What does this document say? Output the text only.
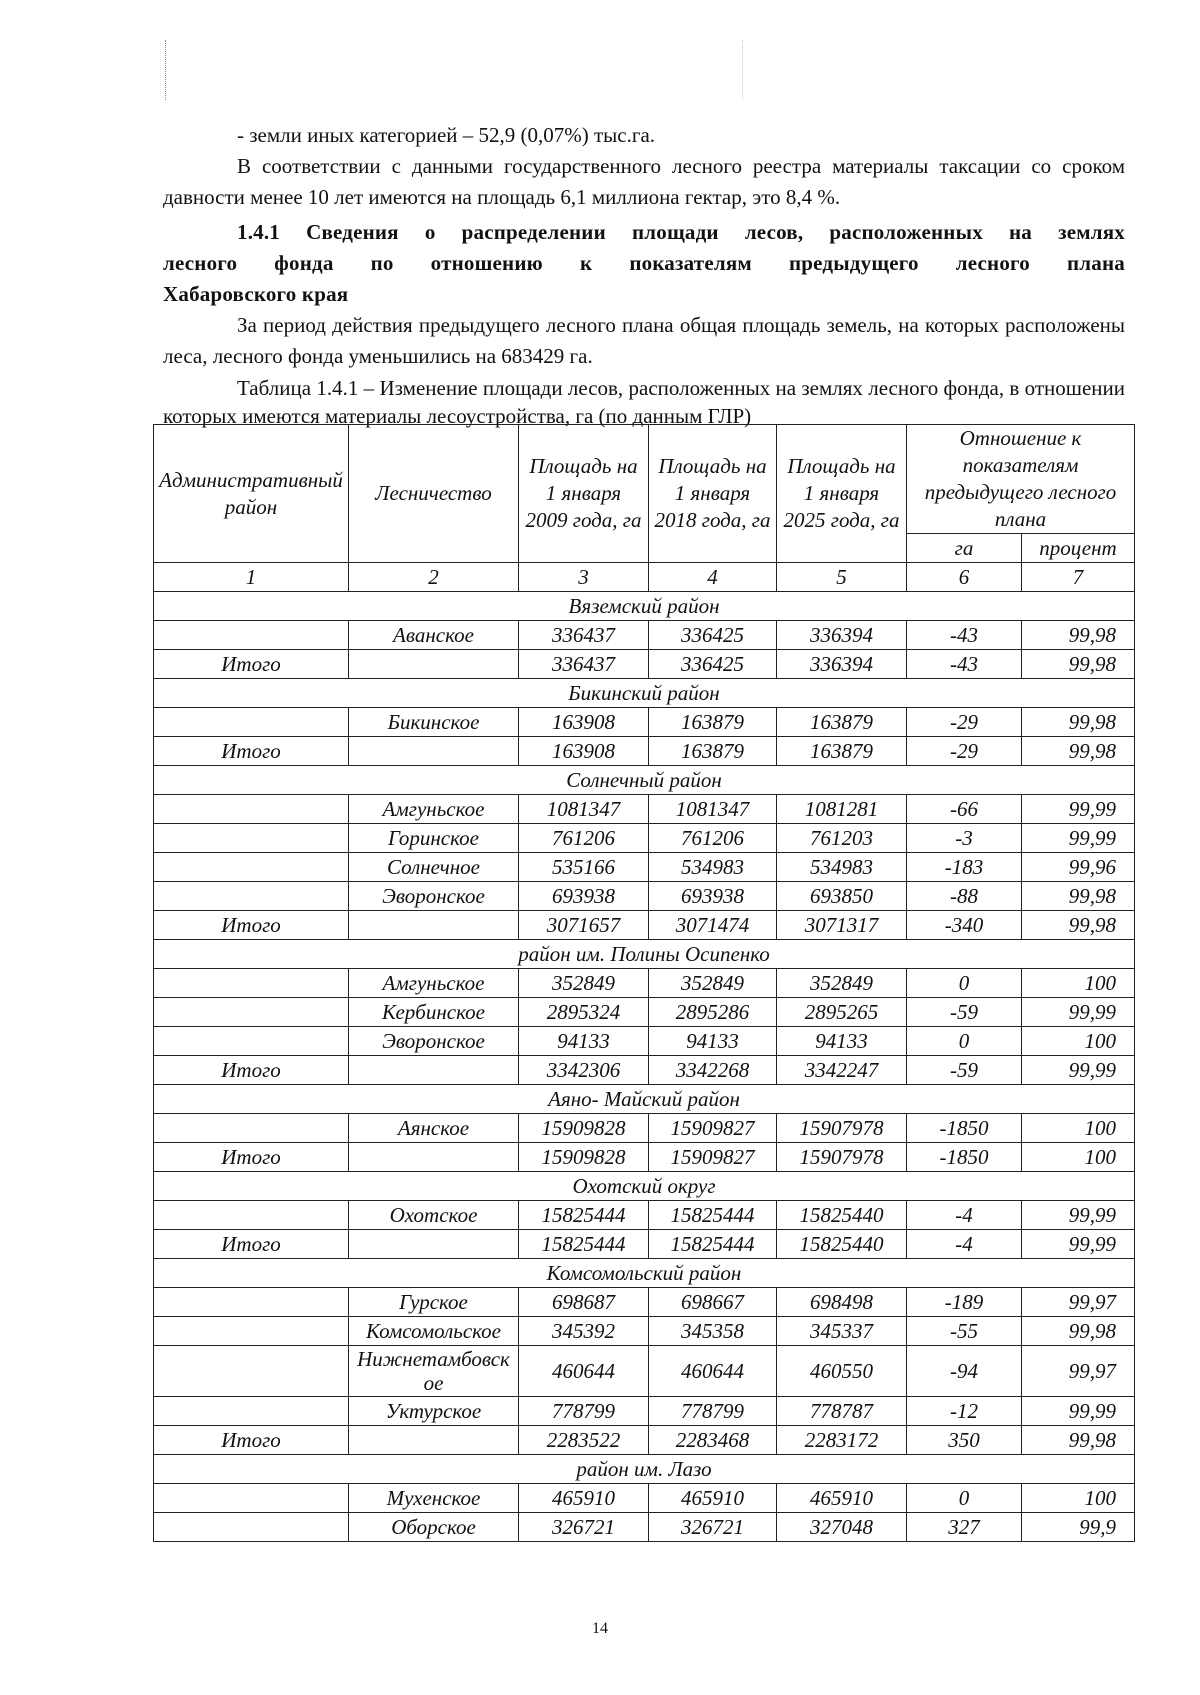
- земли иных категорией – 52,9 (0,07%) тыс.га.

В соответствии с данными государственного лесного реестра материалы таксации со сроком давности менее 10 лет имеются на площадь 6,1 миллиона гектар, это 8,4 %.

1.4.1 Сведения о распределении площади лесов, расположенных на землях

лесного фонда по отношению к показателям предыдущего лесного плана

Хабаровского края

За период действия предыдущего лесного плана общая площадь земель, на которых расположены леса, лесного фонда уменьшились на 683429 га.

Таблица 1.4.1 – Изменение площади лесов, расположенных на землях лесного фонда, в отношении которых имеются материалы лесоустройства, га (по данным ГЛР)

Административный район	Лесничество	Площадь на 1 января 2009 года, га	Площадь на 1 января 2018 года, га	Площадь на 1 января 2025 года, га	Отношение к показателям предыдущего лесного плана	
					га	процент
1	2	3	4	5	6	7
Вяземский район						
	Аванское	336437	336425	336394	-43	99,98
Итого		336437	336425	336394	-43	99,98
Бикинский район						
	Бикинское	163908	163879	163879	-29	99,98
Итого		163908	163879	163879	-29	99,98
Солнечный район						
	Амгуньское	1081347	1081347	1081281	-66	99,99
	Горинское	761206	761206	761203	-3	99,99
	Солнечное	535166	534983	534983	-183	99,96
	Эворонское	693938	693938	693850	-88	99,98
Итого		3071657	3071474	3071317	-340	99,98
район им. Полины Осипенко						
	Амгуньское	352849	352849	352849	0	100
	Кербинское	2895324	2895286	2895265	-59	99,99
	Эворонское	94133	94133	94133	0	100
Итого		3342306	3342268	3342247	-59	99,99
Аяно- Майский район						
	Аянское	15909828	15909827	15907978	-1850	100
Итого		15909828	15909827	15907978	-1850	100
Охотский округ						
	Охотское	15825444	15825444	15825440	-4	99,99
Итого		15825444	15825444	15825440	-4	99,99
Комсомольский район						
	Гурское	698687	698667	698498	-189	99,97
	Комсомольское	345392	345358	345337	-55	99,98
	Нижнетамбовское	460644	460644	460550	-94	99,97
	Уктурское	778799	778799	778787	-12	99,99
Итого		2283522	2283468	2283172	350	99,98
район им. Лазо						
	Мухенское	465910	465910	465910	0	100
	Оборское	326721	326721	327048	327	99,9
14
